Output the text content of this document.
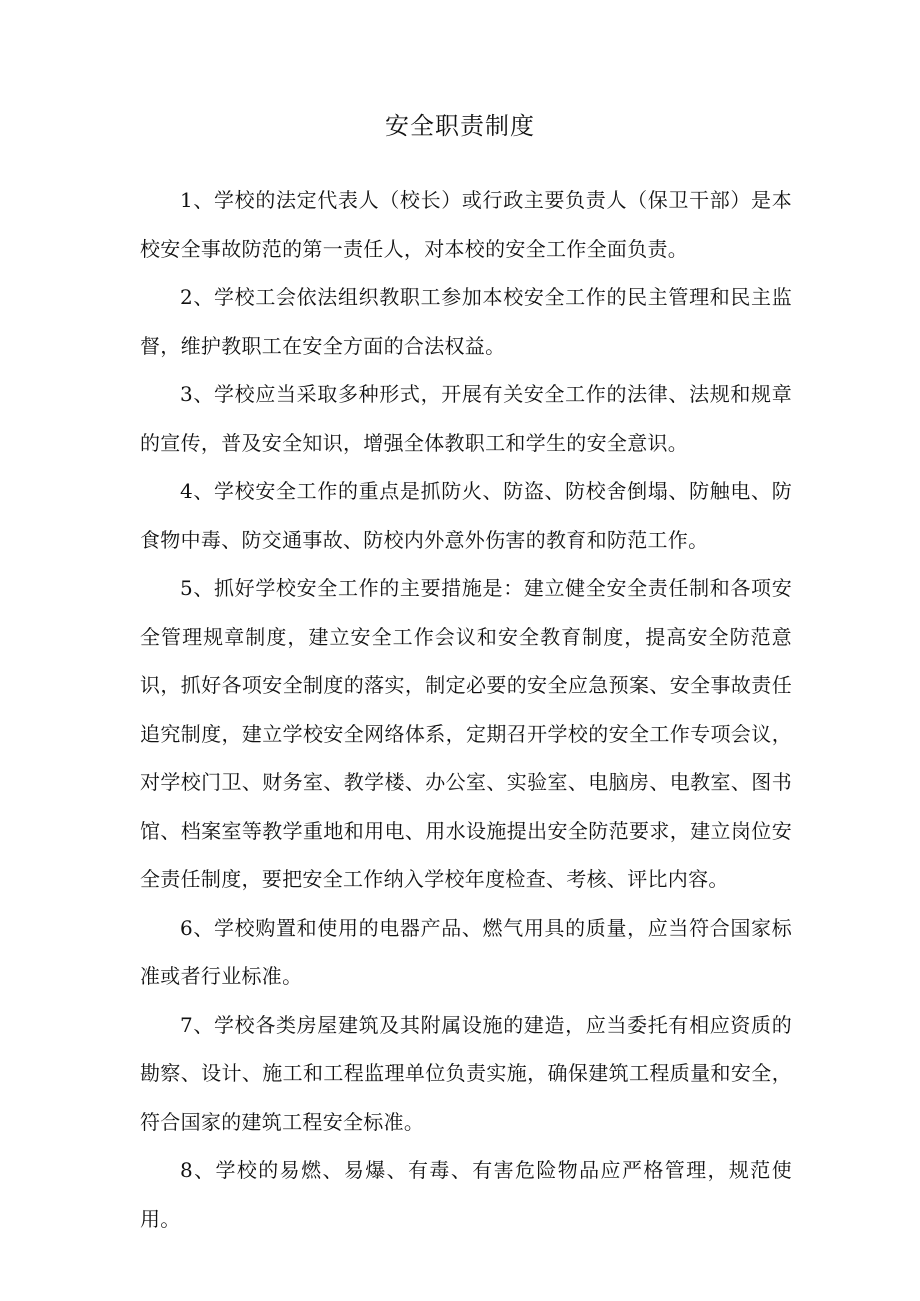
安全职责制度

1、学校的法定代表人（校长）或行政主要负责人（保卫干部）是本校安全事故防范的第一责任人，对本校的安全工作全面负责。

2、学校工会依法组织教职工参加本校安全工作的民主管理和民主监督，维护教职工在安全方面的合法权益。

3、学校应当采取多种形式，开展有关安全工作的法律、法规和规章的宣传，普及安全知识，增强全体教职工和学生的安全意识。

4、学校安全工作的重点是抓防火、防盗、防校舍倒塌、防触电、防食物中毒、防交通事故、防校内外意外伤害的教育和防范工作。

5、抓好学校安全工作的主要措施是：建立健全安全责任制和各项安全管理规章制度，建立安全工作会议和安全教育制度，提高安全防范意识，抓好各项安全制度的落实，制定必要的安全应急预案、安全事故责任追究制度，建立学校安全网络体系，定期召开学校的安全工作专项会议，对学校门卫、财务室、教学楼、办公室、实验室、电脑房、电教室、图书馆、档案室等教学重地和用电、用水设施提出安全防范要求，建立岗位安全责任制度，要把安全工作纳入学校年度检查、考核、评比内容。

6、学校购置和使用的电器产品、燃气用具的质量，应当符合国家标准或者行业标准。

7、学校各类房屋建筑及其附属设施的建造，应当委托有相应资质的勘察、设计、施工和工程监理单位负责实施，确保建筑工程质量和安全，符合国家的建筑工程安全标准。

8、学校的易燃、易爆、有毒、有害危险物品应严格管理，规范使用。
